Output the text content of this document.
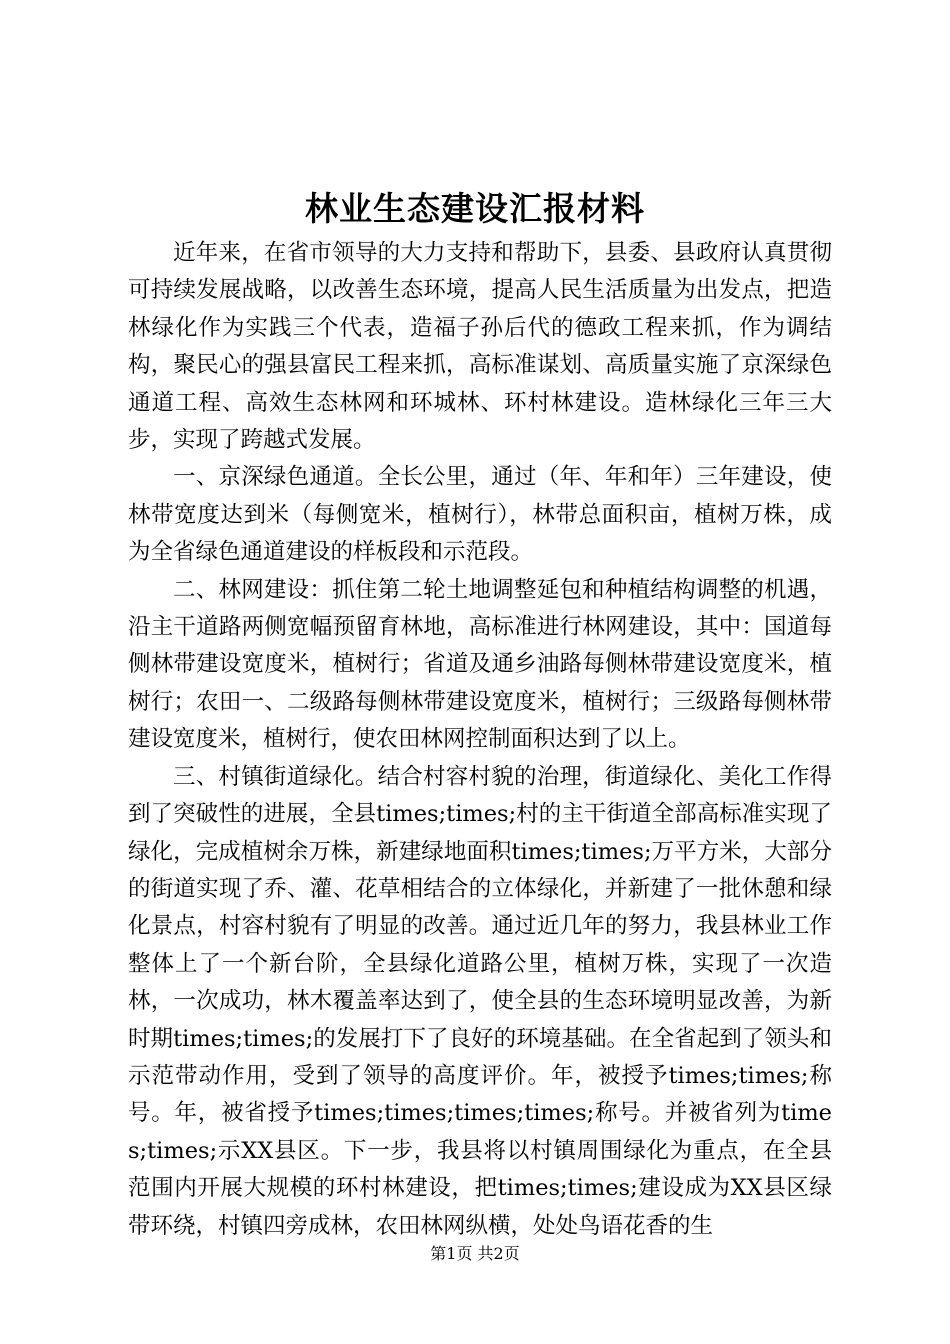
林业生态建设汇报材料

近年来，在省市领导的大力支持和帮助下，县委、县政府认真贯彻可持续发展战略，以改善生态环境，提高人民生活质量为出发点，把造林绿化作为实践三个代表，造福子孙后代的德政工程来抓，作为调结构，聚民心的强县富民工程来抓，高标准谋划、高质量实施了京深绿色通道工程、高效生态林网和环城林、环村林建设。造林绿化三年三大步，实现了跨越式发展。

一、京深绿色通道。全长公里，通过（年、年和年）三年建设，使林带宽度达到米（每侧宽米，植树行），林带总面积亩，植树万株，成为全省绿色通道建设的样板段和示范段。

二、林网建设：抓住第二轮土地调整延包和种植结构调整的机遇，沿主干道路两侧宽幅预留育林地，高标准进行林网建设，其中：国道每侧林带建设宽度米，植树行；省道及通乡油路每侧林带建设宽度米，植树行；农田一、二级路每侧林带建设宽度米，植树行；三级路每侧林带建设宽度米，植树行，使农田林网控制面积达到了以上。

三、村镇街道绿化。结合村容村貌的治理，街道绿化、美化工作得到了突破性的进展，全县times;times;村的主干街道全部高标准实现了绿化，完成植树余万株，新建绿地面积times;times;万平方米，大部分的街道实现了乔、灌、花草相结合的立体绿化，并新建了一批休憩和绿化景点，村容村貌有了明显的改善。通过近几年的努力，我县林业工作整体上了一个新台阶，全县绿化道路公里，植树万株，实现了一次造林，一次成功，林木覆盖率达到了，使全县的生态环境明显改善，为新时期times;times;的发展打下了良好的环境基础。在全省起到了领头和示范带动作用，受到了领导的高度评价。年，被授予times;times;称号。年，被省授予times;times;times;times;称号。并被省列为times;times;示XX县区。下一步，我县将以村镇周围绿化为重点，在全县范围内开展大规模的环村林建设，把times;times;建设成为XX县区绿带环绕，村镇四旁成林，农田林网纵横，处处鸟语花香的生

第1页 共2页
